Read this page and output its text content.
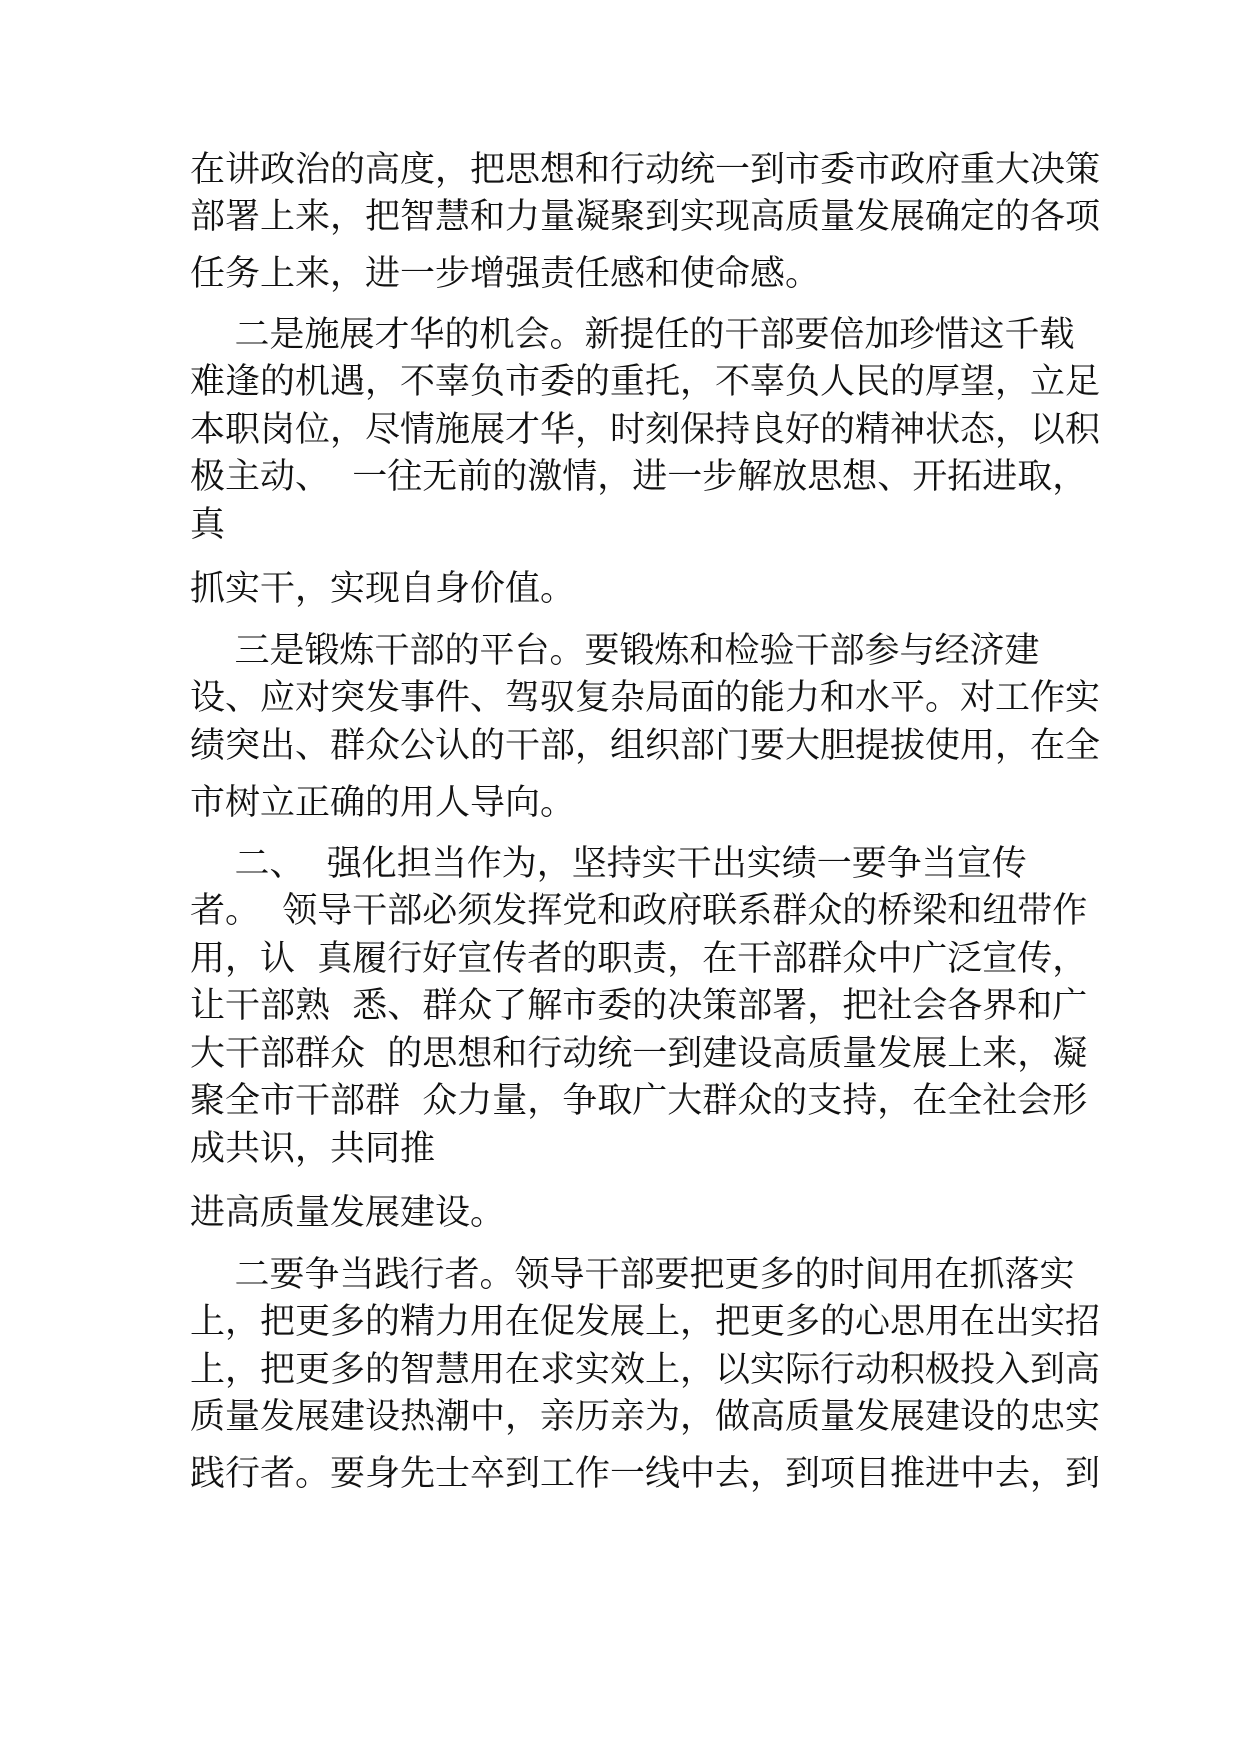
在讲政治的高度，把思想和行动统一到市委市政府重大决策

部署上来，把智慧和力量凝聚到实现高质量发展确定的各项

任务上来，进一步增强责任感和使命感。

二是施展才华的机会。新提任的干部要倍加珍惜这千载

难逢的机遇，不辜负市委的重托，不辜负人民的厚望，立足

本职岗位，尽情施展才华，时刻保持良好的精神状态，以积

极主动、  一往无前的激情，进一步解放思想、开拓进取，

真

抓实干，实现自身价值。

三是锻炼干部的平台。要锻炼和检验干部参与经济建

设、应对突发事件、驾驭复杂局面的能力和水平。对工作实

绩突出、群众公认的干部，组织部门要大胆提拔使用，在全

市树立正确的用人导向。

二、  强化担当作为，坚持实干出实绩一要争当宣传

者。  领导干部必须发挥党和政府联系群众的桥梁和纽带作

用，认  真履行好宣传者的职责，在干部群众中广泛宣传，

让干部熟  悉、群众了解市委的决策部署，把社会各界和广

大干部群众  的思想和行动统一到建设高质量发展上来，凝

聚全市干部群  众力量，争取广大群众的支持，在全社会形

成共识，共同推

进高质量发展建设。

二要争当践行者。领导干部要把更多的时间用在抓落实

上，把更多的精力用在促发展上，把更多的心思用在出实招

上，把更多的智慧用在求实效上，以实际行动积极投入到高

质量发展建设热潮中，亲历亲为，做高质量发展建设的忠实

践行者。要身先士卒到工作一线中去，到项目推进中去，到
